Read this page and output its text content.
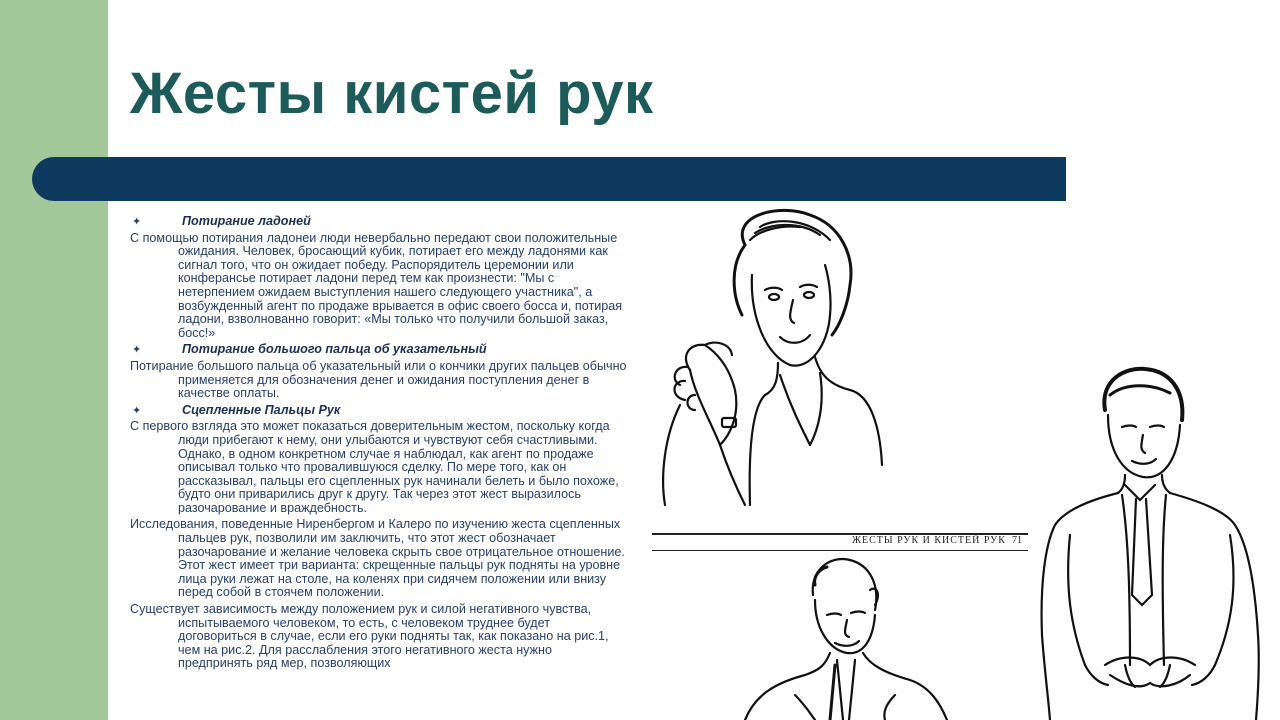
Жесты кистей рук
✦	Потирание ладоней

С помощью потирания ладонеи люди невербально передают свои положительные ожидания. Человек, бросающий кубик, потирает его между ладонями как сигнал того, что он ожидает победу. Распорядитель церемонии или конферансье потирает ладони перед тем как произнести: "Мы с нетерпением ожидаем выступления нашего следующего участника", а возбужденный агент по продаже врывается в офис своего босса и, потирая ладони, взволнованно говорит: «Мы только что получили большой заказ, босс!»

✦	Потирание большого пальца об указательный

Потирание большого пальца об указательный или о кончики других пальцев обычно применяется для обозначения денег и ожидания поступления денег в качестве оплаты.

✦	Сцепленные Пальцы Рук

С первого взгляда это может показаться доверительным жестом, поскольку когда люди прибегают к нему, они улыбаются и чувствуют себя счастливыми. Однако, в одном конкретном случае я наблюдал, как агент по продаже описывал только что провалившуюся сделку. По мере того, как он рассказывал, пальцы его сцепленных рук начинали белеть и было похоже, будто они приварились друг к другу. Так через этот жест выразилось разочарование и враждебность.

Исследования, поведенные Ниренбергом и Калеро по изучению жеста сцепленных пальцев рук, позволили им заключить, что этот жест обозначает разочарование и желание человека скрыть свое отрицательное отношение. Этот жест имеет три варианта: скрещенные пальцы рук подняты на уровне лица руки лежат на столе, на коленях при сидячем положении или внизу перед собой в стоячем положении.

Существует зависимость между положением рук и силой негативного чувства, испытываемого человеком, то есть, с человеком труднее будет договориться в случае, если его руки подняты так, как показано на рис.1, чем на рис.2. Для расслабления этого негативного жеста нужно предпринять ряд мер, позволяющих

ЖЕСТЫ РУК И КИСТЕЙ РУК 71
